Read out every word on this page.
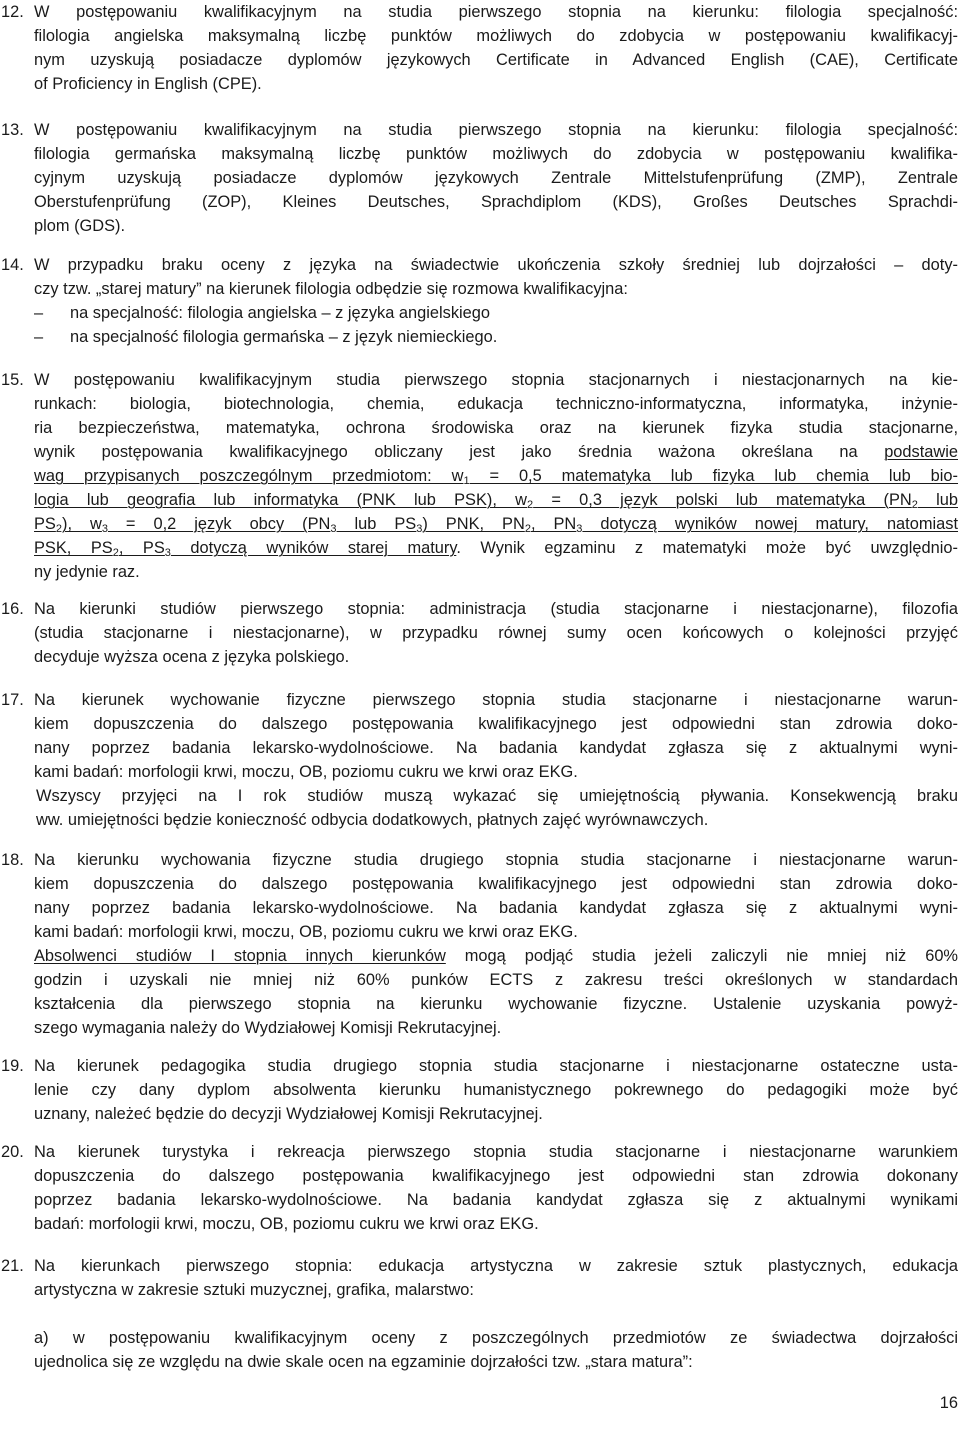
12. W postępowaniu kwalifikacyjnym na studia pierwszego stopnia na kierunku: filologia specjalność:
filologia angielska maksymalną liczbę punktów możliwych do zdobycia w postępowaniu kwalifikacyj-
nym uzyskują posiadacze dyplomów językowych Certificate in Advanced English (CAE), Certificate
of Proficiency in English (CPE).
13. W postępowaniu kwalifikacyjnym na studia pierwszego stopnia na kierunku: filologia specjalność:
filologia germańska maksymalną liczbę punktów możliwych do zdobycia w postępowaniu kwalifika-
cyjnym uzyskują posiadacze dyplomów językowych Zentrale Mittelstufenprüfung (ZMP), Zentrale
Oberstufenprüfung (ZOP), Kleines Deutsches, Sprachdiplom (KDS), Großes Deutsches Sprachdi-
plom (GDS).
14. W przypadku braku oceny z języka na świadectwie ukończenia szkoły średniej lub dojrzałości – doty-
czy tzw. „starej matury” na kierunek filologia odbędzie się rozmowa kwalifikacyjna:
– na specjalność: filologia angielska – z języka angielskiego
– na specjalność filologia germańska – z język niemieckiego.
15. W postępowaniu kwalifikacyjnym studia pierwszego stopnia stacjonarnych i niestacjonarnych na kie-
runkach: biologia, biotechnologia, chemia, edukacja techniczno-informatyczna, informatyka, inżynie-
ria bezpieczeństwa, matematyka, ochrona środowiska oraz na kierunek fizyka studia stacjonarne,
wynik postępowania kwalifikacyjnego obliczany jest jako średnia ważona określana na podstawie
wag przypisanych poszczególnym przedmiotom: $w_1 = 0,5$ matematyka lub fizyka lub chemia lub bio-
logia lub geografia lub informatyka (PNK lub PSK), $w_2 = 0,3$ język polski lub matematyka ($PN_2$ lub
$PS_2$), $w_3 = 0,2$ język obcy ($PN_3$ lub $PS_3$) PNK, $PN_2$, $PN_3$ dotyczą wyników nowej matury, natomiast
PSK, $PS_2$, $PS_3$ dotyczą wyników starej matury. Wynik egzaminu z matematyki może być uwzględnio-
ny jedynie raz.
16. Na kierunki studiów pierwszego stopnia: administracja (studia stacjonarne i niestacjonarne), filozofia
(studia stacjonarne i niestacjonarne), w przypadku równej sumy ocen końcowych o kolejności przyjęć
decyduje wyższa ocena z języka polskiego.
17. Na kierunek wychowanie fizyczne pierwszego stopnia studia stacjonarne i niestacjonarne warun-
kiem dopuszczenia do dalszego postępowania kwalifikacyjnego jest odpowiedni stan zdrowia doko-
nany poprzez badania lekarsko-wydolnościowe. Na badania kandydat zgłasza się z aktualnymi wyni-
kami badań: morfologii krwi, moczu, OB, poziomu cukru we krwi oraz EKG.
Wszyscy przyjęci na I rok studiów muszą wykazać się umiejętnością pływania. Konsekwencją braku
ww. umiejętności będzie konieczność odbycia dodatkowych, płatnych zajęć wyrównawczych.
18. Na kierunku wychowania fizyczne studia drugiego stopnia studia stacjonarne i niestacjonarne warun-
kiem dopuszczenia do dalszego postępowania kwalifikacyjnego jest odpowiedni stan zdrowia doko-
nany poprzez badania lekarsko-wydolnościowe. Na badania kandydat zgłasza się z aktualnymi wyni-
kami badań: morfologii krwi, moczu, OB, poziomu cukru we krwi oraz EKG.
Absolwenci studiów I stopnia innych kierunków mogą podjąć studia jeżeli zaliczyli nie mniej niż 60%
godzin i uzyskali nie mniej niż 60% punków ECTS z zakresu treści określonych w standardach
kształcenia dla pierwszego stopnia na kierunku wychowanie fizyczne. Ustalenie uzyskania powyż-
szego wymagania należy do Wydziałowej Komisji Rekrutacyjnej.
19. Na kierunek pedagogika studia drugiego stopnia studia stacjonarne i niestacjonarne ostateczne usta-
lenie czy dany dyplom absolwenta kierunku humanistycznego pokrewnego do pedagogiki może być
uznany, należeć będzie do decyzji Wydziałowej Komisji Rekrutacyjnej.
20. Na kierunek turystyka i rekreacja pierwszego stopnia studia stacjonarne i niestacjonarne warunkiem
dopuszczenia do dalszego postępowania kwalifikacyjnego jest odpowiedni stan zdrowia dokonany
poprzez badania lekarsko-wydolnościowe. Na badania kandydat zgłasza się z aktualnymi wynikami
badań: morfologii krwi, moczu, OB, poziomu cukru we krwi oraz EKG.
21. Na kierunkach pierwszego stopnia: edukacja artystyczna w zakresie sztuk plastycznych, edukacja
artystyczna w zakresie sztuki muzycznej, grafika, malarstwo:
a) w postępowaniu kwalifikacyjnym oceny z poszczególnych przedmiotów ze świadectwa dojrzałości
ujednolica się ze względu na dwie skale ocen na egzaminie dojrzałości tzw. „stara matura”:
16
